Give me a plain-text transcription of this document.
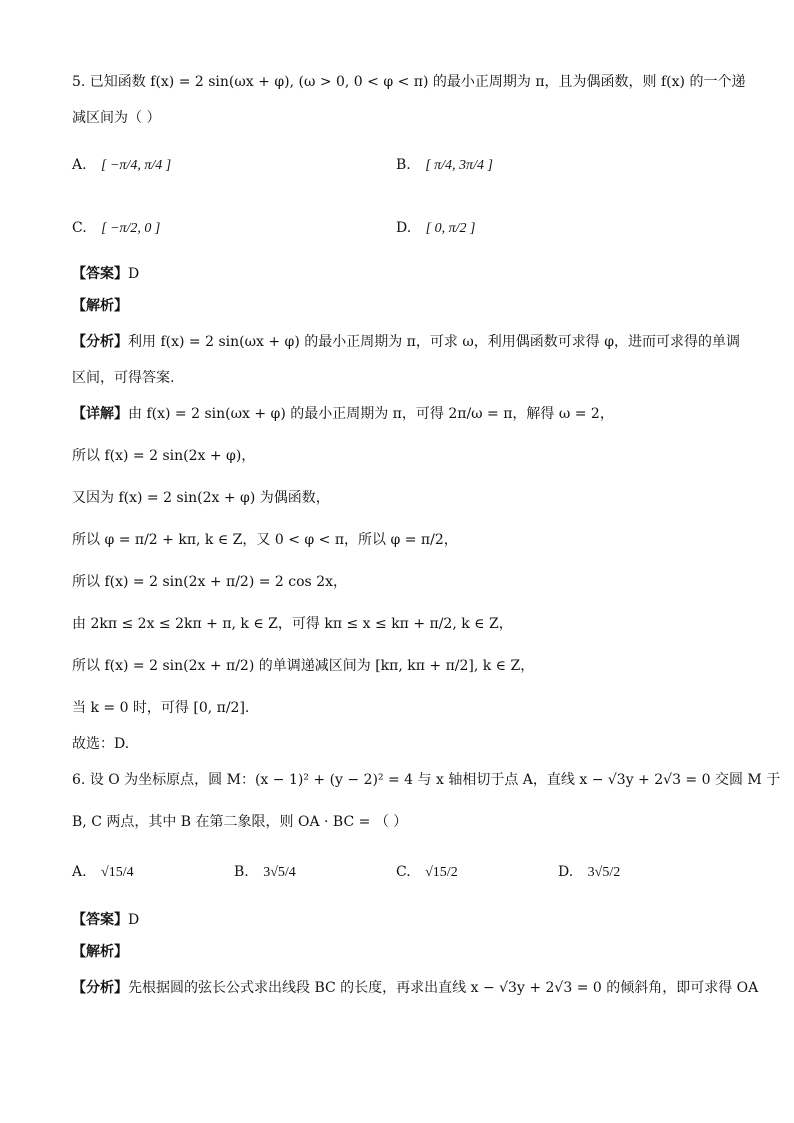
5. 已知函数 f(x) = 2 sin(ωx + φ), (ω > 0, 0 < φ < π) 的最小正周期为 π，且为偶函数，则 f(x) 的一个递
减区间为（ ）
A. [ −π/4, π/4 ]	B. [ π/4, 3π/4 ]
C. [ −π/2, 0 ]	D. [ 0, π/2 ]
【答案】D
【解析】
【分析】利用 f(x) = 2 sin(ωx + φ) 的最小正周期为 π，可求 ω，利用偶函数可求得 φ，进而可求得的单调
区间，可得答案.
【详解】由 f(x) = 2 sin(ωx + φ) 的最小正周期为 π，可得 2π/ω = π，解得 ω = 2，
所以 f(x) = 2 sin(2x + φ)，
又因为 f(x) = 2 sin(2x + φ) 为偶函数，
所以 φ = π/2 + kπ, k ∈ Z，又 0 < φ < π，所以 φ = π/2，
所以 f(x) = 2 sin(2x + π/2) = 2 cos 2x，
由 2kπ ≤ 2x ≤ 2kπ + π, k ∈ Z，可得 kπ ≤ x ≤ kπ + π/2, k ∈ Z，
所以 f(x) = 2 sin(2x + π/2) 的单调递减区间为 [kπ, kπ + π/2], k ∈ Z，
当 k = 0 时，可得 [0, π/2].
故选：D.
6. 设 O 为坐标原点，圆 M：(x − 1)² + (y − 2)² = 4 与 x 轴相切于点 A，直线 x − √3y + 2√3 = 0 交圆 M 于
B, C 两点，其中 B 在第二象限，则 OA · BC = （ ）
A. √15/4	B. 3√5/4	C. √15/2	D. 3√5/2
【答案】D
【解析】
【分析】先根据圆的弦长公式求出线段 BC 的长度，再求出直线 x − √3y + 2√3 = 0 的倾斜角，即可求得 OA
